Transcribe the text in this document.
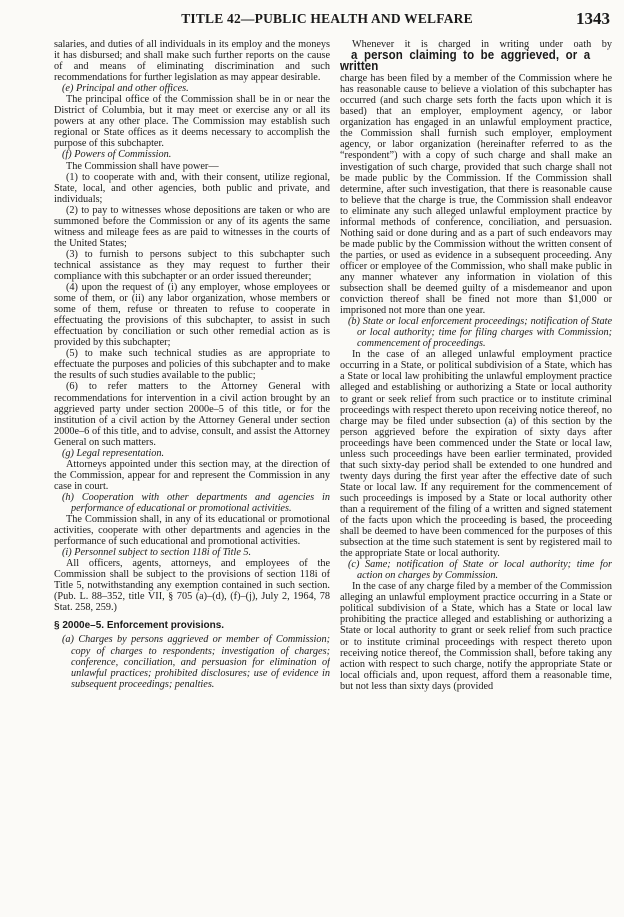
TITLE 42—PUBLIC HEALTH AND WELFARE	1343

salaries, and duties of all individuals in its employ and the moneys it has disbursed; and shall make such further reports on the cause of and means of eliminating discrimination and such recommendations for further legislation as may appear desirable.

(e) Principal and other offices.

The principal office of the Commission shall be in or near the District of Columbia, but it may meet or exercise any or all its powers at any other place. The Commission may establish such regional or State offices as it deems necessary to accomplish the purpose of this subchapter.

(f) Powers of Commission.

The Commission shall have power—

(1) to cooperate with and, with their consent, utilize regional, State, local, and other agencies, both public and private, and individuals;

(2) to pay to witnesses whose depositions are taken or who are summoned before the Commission or any of its agents the same witness and mileage fees as are paid to witnesses in the courts of the United States;

(3) to furnish to persons subject to this subchapter such technical assistance as they may request to further their compliance with this subchapter or an order issued thereunder;

(4) upon the request of (i) any employer, whose employees or some of them, or (ii) any labor organization, whose members or some of them, refuse or threaten to refuse to cooperate in effectuating the provisions of this subchapter, to assist in such effectuation by conciliation or such other remedial action as is provided by this subchapter;

(5) to make such technical studies as are appropriate to effectuate the purposes and policies of this subchapter and to make the results of such studies available to the public;

(6) to refer matters to the Attorney General with recommendations for intervention in a civil action brought by an aggrieved party under section 2000e–5 of this title, or for the institution of a civil action by the Attorney General under section 2000e–6 of this title, and to advise, consult, and assist the Attorney General on such matters.

(g) Legal representation.

Attorneys appointed under this section may, at the direction of the Commission, appear for and represent the Commission in any case in court.

(h) Cooperation with other departments and agencies in performance of educational or promotional activities.

The Commission shall, in any of its educational or promotional activities, cooperate with other departments and agencies in the performance of such educational and promotional activities.

(i) Personnel subject to section 118i of Title 5.

All officers, agents, attorneys, and employees of the Commission shall be subject to the provisions of section 118i of Title 5, notwithstanding any exemption contained in such section. (Pub. L. 88–352, title VII, § 705 (a)–(d), (f)–(j), July 2, 1964, 78 Stat. 258, 259.)

§ 2000e–5. Enforcement provisions.

(a) Charges by persons aggrieved or member of Commission; copy of charges to respondents; investigation of charges; conference, conciliation, and persuasion for elimination of unlawful practices; prohibited disclosures; use of evidence in subsequent proceedings; penalties.

Whenever it is charged in writing under oath by a person claiming to be aggrieved, or a written charge has been filed by a member of the Commission where he has reasonable cause to believe a violation of this subchapter has occurred (and such charge sets forth the facts upon which it is based) that an employer, employment agency, or labor organization has engaged in an unlawful employment practice, the Commission shall furnish such employer, employment agency, or labor organization (hereinafter referred to as the “respondent”) with a copy of such charge and shall make an investigation of such charge, provided that such charge shall not be made public by the Commission. If the Commission shall determine, after such investigation, that there is reasonable cause to believe that the charge is true, the Commission shall endeavor to eliminate any such alleged unlawful employment practice by informal methods of conference, conciliation, and persuasion. Nothing said or done during and as a part of such endeavors may be made public by the Commission without the written consent of the parties, or used as evidence in a subsequent proceeding. Any officer or employee of the Commission, who shall make public in any manner whatever any information in violation of this subsection shall be deemed guilty of a misdemeanor and upon conviction thereof shall be fined not more than $1,000 or imprisoned not more than one year.

(b) State or local enforcement proceedings; notification of State or local authority; time for filing charges with Commission; commencement of proceedings.

In the case of an alleged unlawful employment practice occurring in a State, or political subdivision of a State, which has a State or local law prohibiting the unlawful employment practice alleged and establishing or authorizing a State or local authority to grant or seek relief from such practice or to institute criminal proceedings with respect thereto upon receiving notice thereof, no charge may be filed under subsection (a) of this section by the person aggrieved before the expiration of sixty days after proceedings have been commenced under the State or local law, unless such proceedings have been earlier terminated, provided that such sixty-day period shall be extended to one hundred and twenty days during the first year after the effective date of such State or local law. If any requirement for the commencement of such proceedings is imposed by a State or local authority other than a requirement of the filing of a written and signed statement of the facts upon which the proceeding is based, the proceeding shall be deemed to have been commenced for the purposes of this subsection at the time such statement is sent by registered mail to the appropriate State or local authority.

(c) Same; notification of State or local authority; time for action on charges by Commission.

In the case of any charge filed by a member of the Commission alleging an unlawful employment practice occurring in a State or political subdivision of a State, which has a State or local law prohibiting the practice alleged and establishing or authorizing a State or local authority to grant or seek relief from such practice or to institute criminal proceedings with respect thereto upon receiving notice thereof, the Commission shall, before taking any action with respect to such charge, notify the appropriate State or local officials and, upon request, afford them a reasonable time, but not less than sixty days (provided
